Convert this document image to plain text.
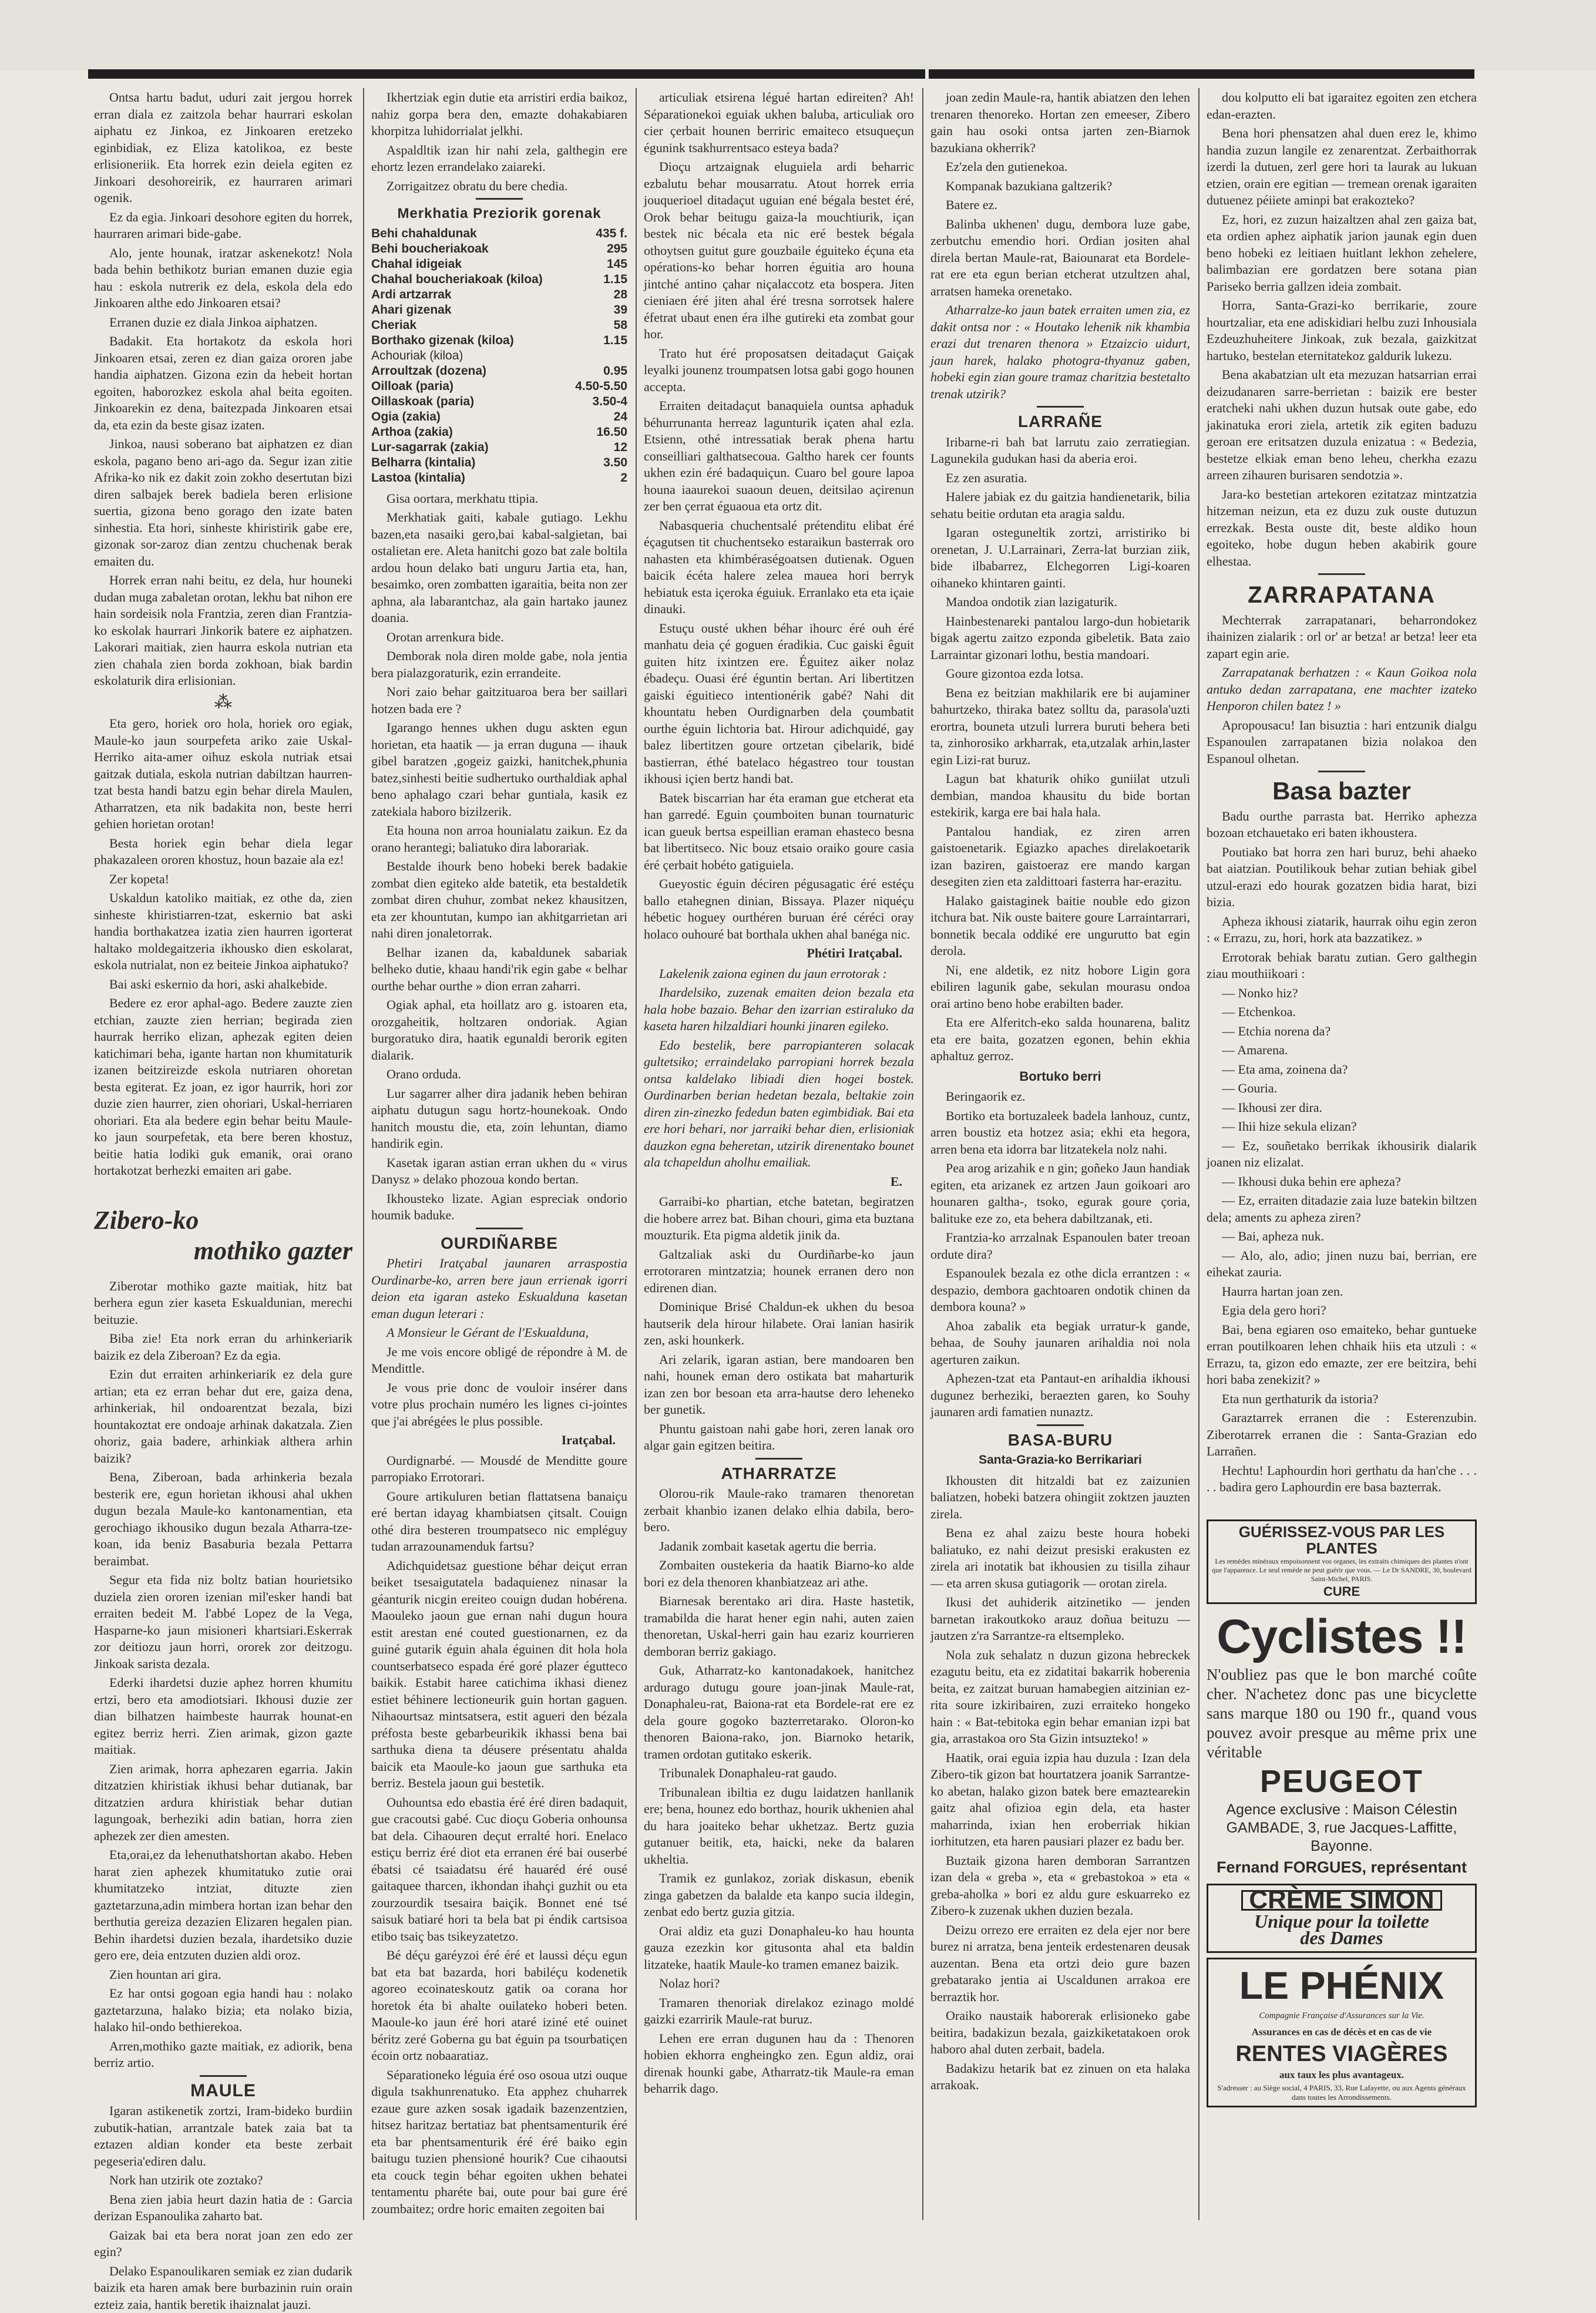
Ontsa hartu badut, uduri zait jergou horrek erran diala ez zaitzola behar haurrari eskolan aiphatu ez Jinkoa, ez Jinkoaren eretzeko eginbidiak, ez Eliza katolikoa, ez beste erlisioneriik. Eta horrek ezin deiela egiten ez Jinkoari desohoreirik, ez haurraren arimari ogenik.

Ez da egia. Jinkoari desohore egiten du horrek, haurraren arimari bide-gabe.

Alo, jente hounak, iratzar askenekotz! Nola bada behin bethikotz burian emanen duzie egia hau : eskola nutrerik ez dela, eskola dela edo Jinkoaren althe edo Jinkoaren etsai?

Erranen duzie ez diala Jinkoa aiphatzen.

Badakit. Eta hortakotz da eskola hori Jinkoaren etsai, zeren ez dian gaiza ororen jabe handia aiphatzen. Gizona ezin da hebeit hortan egoiten, haborozkez eskola ahal beita egoiten. Jinkoarekin ez dena, baitezpada Jinkoaren etsai da, eta ezin da beste gisaz izaten.

Jinkoa, nausi soberano bat aiphatzen ez dian eskola, pagano beno ari-ago da. Segur izan zitie Afrika-ko nik ez dakit zoin zokho desertutan bizi diren salbajek berek badiela beren erlisione suertia, gizona beno gorago den izate baten sinhestia. Eta hori, sinheste khiristirik gabe ere, gizonak sor-zaroz dian zentzu chuchenak berak emaiten du.

Horrek erran nahi beitu, ez dela, hur houneki dudan muga zabaletan orotan, lekhu bat nihon ere hain sordeisik nola Frantzia, zeren dian Frantzia-ko eskolak haurrari Jinkorik batere ez aiphatzen. Lakorari maitiak, zien haurra eskola nutrian eta zien chahala zien borda zokhoan, biak bardin eskolaturik dira erlisionian.

⁂

Eta gero, horiek oro hola, horiek oro egiak, Maule-ko jaun sourpefeta ariko zaie Uskal-Herriko aita-amer oihuz eskola nutriak etsai gaitzak dutiala, eskola nutrian dabiltzan haurren-tzat besta handi batzu egin behar direla Maulen, Atharratzen, eta nik badakita non, beste herri gehien horietan orotan!

Besta horiek egin behar diela legar phakazaleen ororen khostuz, houn bazaie ala ez!

Zer kopeta!

Uskaldun katoliko maitiak, ez othe da, zien sinheste khiristiarren-tzat, eskernio bat aski handia borthakatzea izatia zien haurren igorterat haltako moldegaitzeria ikhousko dien eskolarat, eskola nutrialat, non ez beiteie Jinkoa aiphatuko?

Bai aski eskernio da hori, aski ahalkebide.

Bedere ez eror aphal-ago. Bedere zauzte zien etchian, zauzte zien herrian; begirada zien haurrak herriko elizan, aphezak egiten deien katichimari beha, igante hartan non khumitaturik izanen beitzireizde eskola nutriaren ohoretan besta egiterat. Ez joan, ez igor haurrik, hori zor duzie zien haurrer, zien ohoriari, Uskal-herriaren ohoriari. Eta ala bedere egin behar beitu Maule-ko jaun sourpefetak, eta bere beren khostuz, beitie hatia lodiki guk emanik, orai orano hortakotzat berhezki emaiten ari gabe.

Zibero-ko
mothiko gazter

Ziberotar mothiko gazte maitiak, hitz bat berhera egun zier kaseta Eskualdunian, merechi beituzie.

Biba zie! Eta nork erran du arhinkeriarik baizik ez dela Ziberoan? Ez da egia.

Ezin dut erraiten arhinkeriarik ez dela gure artian; eta ez erran behar dut ere, gaiza dena, arhinkeriak, hil ondoarentzat bezala, bizi hountakoztat ere ondoaje arhinak dakatzala. Zien ohoriz, gaia badere, arhinkiak althera arhin baizik?

Bena, Ziberoan, bada arhinkeria bezala besterik ere, egun horietan ikhousi ahal ukhen dugun bezala Maule-ko kantonamentian, eta gerochiago ikhousiko dugun bezala Atharra-tze-koan, ida beniz Basaburia bezala Pettarra beraimbat.

Segur eta fida niz boltz batian hourietsiko duziela zien ororen izenian mil'esker handi bat erraiten bedeit M. l'abbé Lopez de la Vega, Hasparne-ko jaun misioneri khartsiari.Eskerrak zor deitiozu jaun horri, ororek zor deitzogu. Jinkoak sarista dezala.

Ederki ihardetsi duzie aphez horren khumitu ertzi, bero eta amodiotsiari. Ikhousi duzie zer dian bilhatzen haimbeste haurrak hounat-en egitez berriz herri. Zien arimak, gizon gazte maitiak.

Zien arimak, horra aphezaren egarria. Jakin ditzatzien khiristiak ikhusi behar dutianak, bar ditzatzien ardura khiristiak behar dutian lagungoak, berheziki adin batian, horra zien aphezek zer dien amesten.

Eta,orai,ez da lehenuthatshortan akabo. Heben harat zien aphezek khumitatuko zutie orai khumitatzeko intziat, dituzte zien gaztetarzuna,adin mimbera hortan izan behar den berthutia gereiza dezazien Elizaren hegalen pian. Behin ihardetsi duzien bezala, ihardetsiko duzie gero ere, deia entzuten duzien aldi oroz.

Zien hountan ari gira.

Ez har ontsi gogoan egia handi hau : nolako gaztetarzuna, halako bizia; eta nolako bizia, halako hil-ondo bethierekoa.

Arren,mothiko gazte maitiak, ez adiorik, bena berriz artio.

MAULE

Igaran astikenetik zortzi, Iram-bideko burdiin zubutik-hatian, arrantzale batek zaia bat ta eztazen aldian konder eta beste zerbait pegeseria'ediren dalu.

Nork han utzirik ote zoztako?

Bena zien jabia heurt dazin hatia de : Garcia derizan Espanoulika zaharto bat.

Gaizak bai eta bera norat joan zen edo zer egin?

Delako Espanoulikaren semiak ez zian dudarik baizik eta haren amak bere burbazinin ruin orain ezteiz zaia, hantik beretik ihaiznalat jauzi.

Ikhertziak egin dutie eta arristiri erdia baikoz, nahiz gorpa bera den, emazte dohakabiaren khorpitza luhidorrialat jelkhi.

Aspaldltik izan hir nahi zela, galthegin ere ehortz lezen errandelako zaiareki.

Zorrigaitzez obratu du bere chedia.

Merkhatia Preziorik gorenak
Behi chahaldunak	435 f.
Behi boucheriakoak	295
Chahal idigeiak	145
Chahal boucheriakoak (kiloa)	1.15
Ardi artzarrak	28
Ahari gizenak	39
Cheriak	58
Borthako gizenak (kiloa)	1.15
Achouriak (kiloa)	
Arroultzak (dozena)	0.95
Oilloak (paria)	4.50-5.50
Oillaskoak (paria)	3.50-4
Ogia (zakia)	24
Arthoa (zakia)	16.50
Lur-sagarrak (zakia)	12
Belharra (kintalia)	3.50
Lastoa (kintalia)	2

Gisa oortara, merkhatu ttipia.

Merkhatiak gaiti, kabale gutiago. Lekhu bazen,eta nasaiki gero,bai kabal-salgietan, bai ostalietan ere. Aleta hanitchi gozo bat zale boltila ardou houn delako bati unguru Jartia eta, han, besaimko, oren zombatten igaraitia, beita non zer aphna, ala labarantchaz, ala gain hartako jaunez doania.

Orotan arrenkura bide.

Demborak nola diren molde gabe, nola jentia bera pialazgoraturik, ezin errandeite.

Nori zaio behar gaitzituaroa bera ber saillari hotzen bada ere ?

Igarango hennes ukhen dugu askten egun horietan, eta haatik — ja erran duguna — ihauk gibel baratzen ,gogeiz gaizki, hanitchek,phunia batez,sinhesti beitie sudhertuko ourthaldiak aphal beno aphalago czari behar guntiala, kasik ez zatekiala haboro bizilzerik.

Eta houna non arroa hounialatu zaikun. Ez da orano herantegi; baliatuko dira laborariak.

Bestalde ihourk beno hobeki berek badakie zombat dien egiteko alde batetik, eta bestaldetik zombat diren chuhur, zombat nekez khausitzen, eta zer khountutan, kumpo ian akhitgarrietan ari nahi diren jonaletorrak.

Belhar izanen da, kabaldunek sabariak belheko dutie, khaau handi'rik egin gabe « belhar ourthe behar ourthe » dion erran zaharri.

Ogiak aphal, eta hoillatz aro g. istoaren eta, orozgaheitik, holtzaren ondoriak. Agian burgoratuko dira, haatik egunaldi berorik egiten dialarik.

Orano orduda.

Lur sagarrer alher dira jadanik heben behiran aiphatu dutugun sagu hortz-hounekoak. Ondo hanitch moustu die, eta, zoin lehuntan, diamo handirik egin.

Kasetak igaran astian erran ukhen du « virus Danysz » delako phozoua kondo bertan.

Ikhousteko lizate. Agian espreciak ondorio houmik baduke.

OURDIÑARBE

Phetiri Iratçabal jaunaren arraspostia Ourdinarbe-ko, arren bere jaun errienak igorri deion eta igaran asteko Eskualduna kasetan eman dugun leterari :

A Monsieur le Gérant de l'Eskualduna,

Je me vois encore obligé de répondre à M. de Mendittle.

Je vous prie donc de vouloir insérer dans votre plus prochain numéro les lignes ci-jointes que j'ai abrégées le plus possible.

Iratçabal.

Ourdignarbé. — Mousdé de Menditte goure parropiako Errotorari.

Goure artikuluren betian flattatsena banaiçu eré bertan idayag khambiatsen çitsalt. Couign othé dira besteren troumpatseco nic empléguy tudan arrazounamenduk fartsu?

Adichquidetsaz guestione béhar deiçut erran beiket tsesaigutatela badaquienez ninasar la géanturik nicgin ereiteo couign dudan hobérena. Maouleko jaoun gue ernan nahi dugun houra estit arestan ené couted guestionarnen, ez da guiné gutarik éguin ahala éguinen dit hola hola countserbatseco espada éré goré plazer égutteco baikik. Estabit haree catichima ikhasi dienez estiet béhinere lectioneurik guin hortan gaguen. Nihaourtsaz mintsatsera, estit agueri den bézala préfosta beste gebarbeurikik ikhassi bena bai sarthuka diena ta déusere présentatu ahalda baicik eta Maoule-ko jaoun gue sarthuka eta berriz. Bestela jaoun gui bestetik.

Ouhountsa edo ebastia éré éré diren badaquit, gue cracoutsi gabé. Cuc dioçu Goberia onhounsa bat dela. Cihaouren deçut erralté hori. Enelaco estiçu berriz éré diot eta erranen éré bai ouserbé ébatsi cé tsaiadatsu éré hauaréd éré ousé gaitaquee tharcen, ikhondan ihahçi guzhit ou eta zourzourdik tsesaira baiçik. Bonnet ené tsé saisuk batiaré hori ta bela bat pi éndik cartsisoa etibo tsaiç bas tsikeyzatetzo.

Bé déçu garéyzoi éré éré et laussi déçu egun bat eta bat bazarda, hori babiléçu kodenetik agoreo ecoinateskoutz gatik oa corana hor horetok éta bi ahalte ouilateko hoberi beten. Maoule-ko jaun éré hori ataré iziné eté ouinet béritz zeré Goberna gu bat éguin pa tsourbatiçen écoin ortz nobaaratiaz.

Séparationeko léguia éré oso osoua utzi ouque digula tsakhunrenatuko. Eta apphez chuharrek ezaue gure azken sosak igadaik bazenzentzien, hitsez haritzaz bertatiaz bat phentsamenturik éré eta bar phentsamenturik éré éré baiko egin baitugu tuzien phensioné hourik? Cue cihaoutsi eta couck tegin béhar egoiten ukhen behatei tentamentu pharéte bai, oute pour bai gure éré zoumbaitez; ordre horic emaiten zegoiten bai

articuliak etsirena légué hartan edireiten? Ah! Séparationekoi eguiak ukhen baluba, articuliak oro cier çerbait hounen berriric emaiteco etsuqueçun égunink tsakhurrentsaco esteya bada?

Dioçu artzaignak eluguiela ardi beharric ezbalutu behar mousarratu. Atout horrek erria jouquerioel ditadaçut uguian ené bégala bestet éré, Orok behar beitugu gaiza-la mouchtiurik, içan bestek nic bécala eta nic eré bestek bégala othoytsen guitut gure gouzbaile éguiteko éçuna eta opérations-ko behar horren éguitia aro houna jintché antino çahar niçalaccotz eta bospera. Jiten cieniaen éré jiten ahal éré tresna sorrotsek halere éfetrat ubaut enen éra ilhe gutireki eta zombat gour hor.

Trato hut éré proposatsen deitadaçut Gaiçak leyalki jounenz troumpatsen lotsa gabi gogo hounen accepta.

Erraiten deitadaçut banaquiela ountsa aphaduk béhurrunanta herreaz lagunturik içaten ahal ezla. Etsienn, othé intressatiak berak phena hartu conseilliari galthatsecoua. Galtho harek cer founts ukhen ezin éré badaquiçun. Cuaro bel goure lapoa houna iaaurekoi suaoun deuen, deitsilao açirenun zer ben çerrat éguaoua eta ortz dit.

Nabasqueria chuchentsalé prétenditu elibat éré éçagutsen tit chuchentseko estaraikun basterrak oro nahasten eta khimbéraségoatsen dutienak. Oguen baicik écéta halere zelea mauea hori berryk hebiatuk esta içeroka éguiuk. Erranlako eta eta içaie dinauki.

Estuçu ousté ukhen béhar ihourc éré ouh éré manhatu deia çé goguen éradikia. Cuc gaiski êguit guiten hitz ixintzen ere. Éguitez aiker nolaz ébadeçu. Ouasi éré éguntin bertan. Ari libertitzen gaiski éguitieco intentionérik gabé? Nahi dit khountatu heben Ourdignarben dela çoumbatit ourthe éguin lichtoria bat. Hirour adichquidé, gay balez libertitzen goure ortzetan çibelarik, bidé bastierran, éthé batelaco hégastreo tour toustan ikhousi içien bertz handi bat.

Batek biscarrian har éta eraman gue etcherat eta han garredé. Eguin çoumboiten bunan tournaturic ican gueuk bertsa espeillian eraman ehasteco besna bat libertitseco. Nic bouz etsaio oraiko goure casia éré çerbait hobéto gatiguiela.

Gueyostic éguin déciren pégusagatic éré estéçu ballo etahegnen dinian, Bissaya. Plazer niquéçu hébetic hoguey ourthéren buruan éré céréci oray holaco ouhouré bat borthala ukhen ahal banéga nic.

Phétiri Iratçabal.

Lakelenik zaiona eginen du jaun errotorak :

Ihardelsiko, zuzenak emaiten deion bezala eta hala hobe bazaio. Behar den izarrian estiraluko da kaseta haren hilzaldiari hounki jinaren egileko.

Edo bestelik, bere parropianteren solacak gultetsiko; erraindelako parropiani horrek bezala ontsa kaldelako libiadi dien hogei bostek. Ourdinarben berian hedetan bezala, beltakie zoin diren zin-zinezko fededun baten egimbidiak. Bai eta ere hori behari, nor jarraiki behar dien, erlisioniak dauzkon egna beheretan, utzirik direnentako bounet ala tchapeldun aholhu emailiak.

E.

Garraibi-ko phartian, etche batetan, begiratzen die hobere arrez bat. Bihan chouri, gima eta buztana mouzturik. Eta pigma aldetik jinik da.

Galtzaliak aski du Ourdiñarbe-ko jaun errotoraren mintzatzia; hounek erranen dero non edirenen dian.

Dominique Brisé Chaldun-ek ukhen du besoa hautserik dela hirour hilabete. Orai lanian hasirik zen, aski hounkerk.

Ari zelarik, igaran astian, bere mandoaren ben nahi, hounek eman dero ostikata bat maharturik izan zen bor besoan eta arra-hautse dero leheneko ber gunetik.

Phuntu gaistoan nahi gabe hori, zeren lanak oro algar gain egitzen beitira.

ATHARRATZE

Olorou-rik Maule-rako tramaren thenoretan zerbait khanbio izanen delako elhia dabila, bero-bero.

Jadanik zombait kasetak agertu die berria.

Zombaiten oustekeria da haatik Biarno-ko alde bori ez dela thenoren khanbiatzeaz ari athe.

Biarnesak berentako ari dira. Haste hastetik, tramabilda die harat hener egin nahi, auten zaien thenoretan, Uskal-herri gain hau ezariz kourrieren demboran berriz gakiago.

Guk, Atharratz-ko kantonadakoek, hanitchez ardurago dutugu goure joan-jinak Maule-rat, Donaphaleu-rat, Baiona-rat eta Bordele-rat ere ez dela goure gogoko bazterretarako. Oloron-ko thenoren Baiona-rako, jon. Biarnoko hetarik, tramen ordotan gutitako eskerik.

Tribunalek Donaphaleu-rat gaudo.

Tribunalean ibiltia ez dugu laidatzen hanllanik ere; bena, hounez edo borthaz, hourik ukhenien ahal du hara joaiteko behar ukhetzaz. Bertz guzia gutanuer beitik, eta, haicki, neke da balaren ukheltia.

Tramik ez gunlakoz, zoriak diskasun, ebenik zinga gabetzen da balalde eta kanpo sucia ildegin, zenbat edo bertz guzia gitzia.

Orai aldiz eta guzi Donaphaleu-ko hau hounta gauza ezezkin kor gitusonta ahal eta baldin litzateke, haatik Maule-ko tramen emanez baizik.

Nolaz hori?

Tramaren thenoriak direlakoz ezinago moldé gaizki ezarririk Maule-rat buruz.

Lehen ere erran dugunen hau da : Thenoren hobien ekhorra engheingko zen. Egun aldiz, orai direnak hounki gabe, Atharratz-tik Maule-ra eman beharrik dago.

joan zedin Maule-ra, hantik abiatzen den lehen trenaren thenoreko. Hortan zen emeeser, Zibero gain hau osoki ontsa jarten zen-Biarnok bazukiana okherrik?

Ez'zela den gutienekoa.

Kompanak bazukiana galtzerik?

Batere ez.

Balinba ukhenen' dugu, dembora luze gabe, zerbutchu emendio hori. Ordian jositen ahal direla bertan Maule-rat, Baiounarat eta Bordele-rat ere eta egun berian etcherat utzultzen ahal, arratsen hameka orenetako.

Atharralze-ko jaun batek erraiten umen zia, ez dakit ontsa nor : « Houtako lehenik nik khambia erazi dut trenaren thenora » Etzaizcio uidurt, jaun harek, halako photogra-thyanuz gaben, hobeki egin zian goure tramaz charitzia bestetalto trenak utzirik?

LARRAÑE

Iribarne-ri bah bat larrutu zaio zerratiegian. Lagunekila gudukan hasi da aberia eroi.

Ez zen asuratia.

Halere jabiak ez du gaitzia handienetarik, bilia sehatu beitie ordutan eta aragia saldu.

Igaran osteguneltik zortzi, arristiriko bi orenetan, J. U.Larrainari, Zerra-lat burzian ziik, bide ilbabarrez, Elchegorren Ligi-koaren oihaneko khintaren gainti.

Mandoa ondotik zian lazigaturik.

Hainbestenareki pantalou largo-dun hobietarik bigak agertu zaitzo ezponda gibeletik. Bata zaio Larraintar gizonari lothu, bestia mandoari.

Goure gizontoa ezda lotsa.

Bena ez beitzian makhilarik ere bi aujaminer bahurtzeko, thiraka batez solltu da, parasola'uzti erortra, bouneta utzuli lurrera buruti behera beti ta, zinhorosiko arkharrak, eta,utzalak arhin,laster egin Lizi-rat buruz.

Lagun bat khaturik ohiko guniilat utzuli dembian, mandoa khausitu du bide bortan estekirik, karga ere bai hala hala.

Pantalou handiak, ez ziren arren gaistoenetarik. Egiazko apaches direlakoetarik izan baziren, gaistoeraz ere mando kargan desegiten zien eta zaldittoari fasterra har-erazitu.

Halako gaistaginek baitie nouble edo gizon itchura bat. Nik ouste baitere goure Larraintarrari, bonnetik becala oddiké ere ungurutto bat egin derola.

Ni, ene aldetik, ez nitz hobore Ligin gora ebiliren lagunik gabe, sekulan mourasu ondoa orai artino beno hobe erabilten bader.

Eta ere Alferitch-eko salda hounarena, balitz eta ere baita, gozatzen egonen, behin ekhia aphaltuz gerroz.

Bortuko berri

Beringaorik ez.

Bortiko eta bortuzaleek badela lanhouz, cuntz, arren boustiz eta hotzez asia; ekhi eta hegora, arren bena eta idorra bar litzatekela nolz nahi.

Pea arog arizahik e n gin; goñeko Jaun handiak egiten, eta arizanek ez artzen Jaun goikoari aro hounaren galtha-, tsoko, egurak goure çoria, balituke eze zo, eta behera dabiltzanak, eti.

Frantzia-ko arrzalnak Espanoulen bater treoan ordute dira?

Espanoulek bezala ez othe dicla errantzen : « despazio, dembora gachtoaren ondotik chinen da dembora kouna? »

Ahoa zabalik eta begiak urratur-k gande, behaa, de Souhy jaunaren arihaldia noi nola agerturen zaikun.

Aphezen-tzat eta Pantaut-en arihaldia ikhousi dugunez berheziki, beraezten garen, ko Souhy jaunaren ardi famatien nunaztz.

BASA-BURU
Santa-Grazia-ko Berrikariari

Ikhousten dit hitzaldi bat ez zaizunien baliatzen, hobeki batzera ohingiit zoktzen jauzten zirela.

Bena ez ahal zaizu beste houra hobeki baliatuko, ez nahi deizut presiski erakusten ez zirela ari inotatik bat ikhousien zu tisilla zihaur — eta arren skusa gutiagorik — orotan zirela.

Ikusi det auhiderik aitzinetiko — jenden barnetan irakoutkoko arauz doñua beituzu — jautzen z'ra Sarrantze-ra eltsempleko.

Nola zuk sehalatz n duzun gizona hebreckek ezagutu beitu, eta ez zidatitai bakarrik hoberenia beita, ez zaitzat buruan hamabegien aitzinian ez-rita soure izkiribairen, zuzi erraiteko hongeko hain : « Bat-tebitoka egin behar emanian izpi bat gia, arrastakoa oro Sta Gizin intsuzteko! »

Haatik, orai eguia izpia hau duzula : Izan dela Zibero-tik gizon bat hourtatzera joanik Sarrantze-ko abetan, halako gizon batek bere emaztearekin gaitz ahal ofizioa egin dela, eta haster maharrinda, ixian hen eroberriak hikian iorhitutzen, eta haren pausiari plazer ez badu ber.

Buztaik gizona haren demboran Sarrantzen izan dela « greba », eta « grebastokoa » eta « greba-aholka » bori ez aldu gure eskuarreko ez Zibero-k zuzenak ukhen duzien bezala.

Deizu orrezo ere erraiten ez dela ejer nor bere burez ni arratza, bena jenteik erdestenaren deusak auzentan. Bena eta ortzi deio gure bazen grebatarako jentia ai Uscaldunen arrakoa ere berraztik hor.

Oraiko naustaik haborerak erlisioneko gabe beitira, badakizun bezala, gaizkiketatakoen orok haboro ahal duten zerbait, badela.

Badakizu hetarik bat ez zinuen on eta halaka arrakoak.

dou kolputto eli bat igaraitez egoiten zen etchera edan-erazten.

Bena hori phensatzen ahal duen erez le, khimo handia zuzun langile ez zenarentzat. Zerbaithorrak izerdi la dutuen, zerl gere hori ta laurak au lukuan etzien, orain ere egitian — tremean orenak igaraiten dutuenez péiiete aminpi bat erakozteko?

Ez, hori, ez zuzun haizaltzen ahal zen gaiza bat, eta ordien aphez aiphatik jarion jaunak egin duen beno hobeki ez leitiaen huitlant lekhon zehelere, balimbazian ere gordatzen bere sotana pian Pariseko berria gallzen ideia zombait.

Horra, Santa-Grazi-ko berrikarie, zoure hourtzaliar, eta ene adiskidiari helbu zuzi Inhousiala Ezdeuzhuheitere Jinkoak, zuk bezala, gaizkitzat hartuko, bestelan eternitatekoz galdurik lukezu.

Bena akabatzian ult eta mezuzan hatsarrian errai deizudanaren sarre-berrietan : baizik ere bester eratcheki nahi ukhen duzun hutsak oute gabe, edo jakinatuka erori ziela, artetik zik egiten baduzu geroan ere eritsatzen duzula enizatua : « Bedezia, bestetze elkiak eman beno leheu, cherkha ezazu arreen zihauren burisaren sendotzia ».

Jara-ko bestetian artekoren ezitatzaz mintzatzia hitzeman neizun, eta ez duzu zuk ouste dutuzun errezkak. Besta ouste dit, beste aldiko houn egoiteko, hobe dugun heben akabirik goure elhestaa.

ZARRAPATANA

Mechterrak zarrapatanari, beharrondokez ihainizen zialarik : orl or' ar betza! ar betza! leer eta zapart egin arie.

Zarrapatanak berhatzen : « Kaun Goikoa nola antuko dedan zarrapatana, ene machter izateko Henporon chilen batez ! »

Apropousacu! Ian bisuztia : hari entzunik dialgu Espanoulen zarrapatanen bizia nolakoa den Espanoul olhetan.

Basa bazter

Badu ourthe parrasta bat. Herriko aphezza bozoan etchauetako eri baten ikhoustera.

Poutiako bat horra zen hari buruz, behi ahaeko bat aiatzian. Poutilikouk behar zutian behiak gibel utzul-erazi edo hourak gozatzen bidia harat, bizi bizia.

Apheza ikhousi ziatarik, haurrak oihu egin zeron : « Errazu, zu, hori, hork ata bazzatikez. »

Errotorak behiak baratu zutian. Gero galthegin ziau mouthiikoari :

— Nonko hiz?

— Etchenkoa.

— Etchia norena da?

— Amarena.

— Eta ama, zoinena da?

— Gouria.

— Ikhousi zer dira.

— Ihii hize sekula elizan?

— Ez, souñetako berrikak ikhousirik dialarik joanen niz elizalat.

— Ikhousi duka behin ere apheza?

— Ez, erraiten ditadazie zaia luze batekin biltzen dela; aments zu apheza ziren?

— Bai, apheza nuk.

— Alo, alo, adio; jinen nuzu bai, berrian, ere eihekat zauria.

Haurra hartan joan zen.

Egia dela gero hori?

Bai, bena egiaren oso emaiteko, behar guntueke erran poutilkoaren lehen chhaik hiis eta utzuli : « Errazu, ta, gizon edo emazte, zer ere beitzira, behi hori baba zenekizit? »

Eta nun gerthaturik da istoria?

Garaztarrek erranen die : Esterenzubin. Ziberotarrek erranen die : Santa-Grazian edo Larrañen.

Hechtu! Laphourdin hori gerthatu da han'che . . . . . badira gero Laphourdin ere basa bazterrak.

GUÉRISSEZ-VOUS PAR LES PLANTES
Les remèdes minéraux empoisonnent vos organes, les extraits chimiques des plantes n'ont que l'apparence. Le seul remède ne peut guérir que vous. — Le Dr SANDRE, 30, boulevard Saint-Michel, PARIS.
CURE
Cyclistes !!
N'oubliez pas que le bon marché coûte cher. N'achetez donc pas une bicyclette sans marque 180 ou 190 fr., quand vous pouvez avoir presque au même prix une véritable
PEUGEOT
Agence exclusive : Maison Célestin GAMBADE, 3, rue Jacques-Laffitte, Bayonne.
Fernand FORGUES, représentant
CRÈME SIMON
Unique pour la toilette
des Dames
LE PHÉNIX
Compagnie Française d'Assurances sur la Vie.
Assurances en cas de décès et en cas de vie
RENTES VIAGÈRES
aux taux les plus avantageux.
S'adresser : au Siège social, 4 PARIS, 33, Rue Lafayette, ou aux Agents généraux dans toutes les Arrondissements.
